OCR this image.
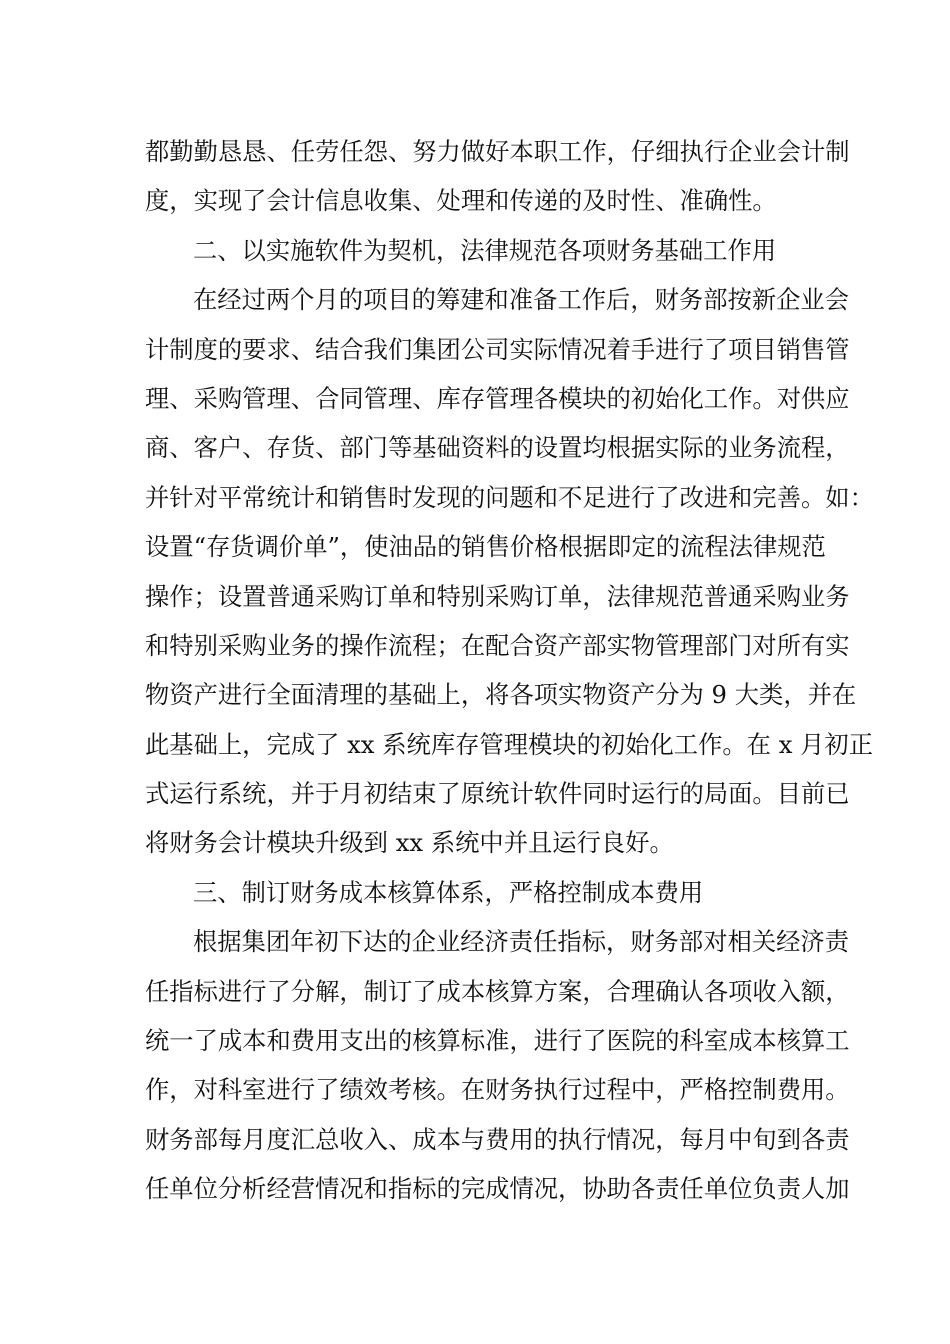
都勤勤恳恳、任劳任怨、努力做好本职工作，仔细执行企业会计制
度，实现了会计信息收集、处理和传递的及时性、准确性。
二、以实施软件为契机，法律规范各项财务基础工作用
在经过两个月的项目的筹建和准备工作后，财务部按新企业会
计制度的要求、结合我们集团公司实际情况着手进行了项目销售管
理、采购管理、合同管理、库存管理各模块的初始化工作。对供应
商、客户、存货、部门等基础资料的设置均根据实际的业务流程，
并针对平常统计和销售时发现的问题和不足进行了改进和完善。如：
设置“存货调价单”，使油品的销售价格根据即定的流程法律规范
操作；设置普通采购订单和特别采购订单，法律规范普通采购业务
和特别采购业务的操作流程；在配合资产部实物管理部门对所有实
物资产进行全面清理的基础上，将各项实物资产分为 9 大类，并在
此基础上，完成了 xx 系统库存管理模块的初始化工作。在 x 月初正
式运行系统，并于月初结束了原统计软件同时运行的局面。目前已
将财务会计模块升级到 xx 系统中并且运行良好。
三、制订财务成本核算体系，严格控制成本费用
根据集团年初下达的企业经济责任指标，财务部对相关经济责
任指标进行了分解，制订了成本核算方案，合理确认各项收入额，
统一了成本和费用支出的核算标准，进行了医院的科室成本核算工
作，对科室进行了绩效考核。在财务执行过程中，严格控制费用。
财务部每月度汇总收入、成本与费用的执行情况，每月中旬到各责
任单位分析经营情况和指标的完成情况，协助各责任单位负责人加
